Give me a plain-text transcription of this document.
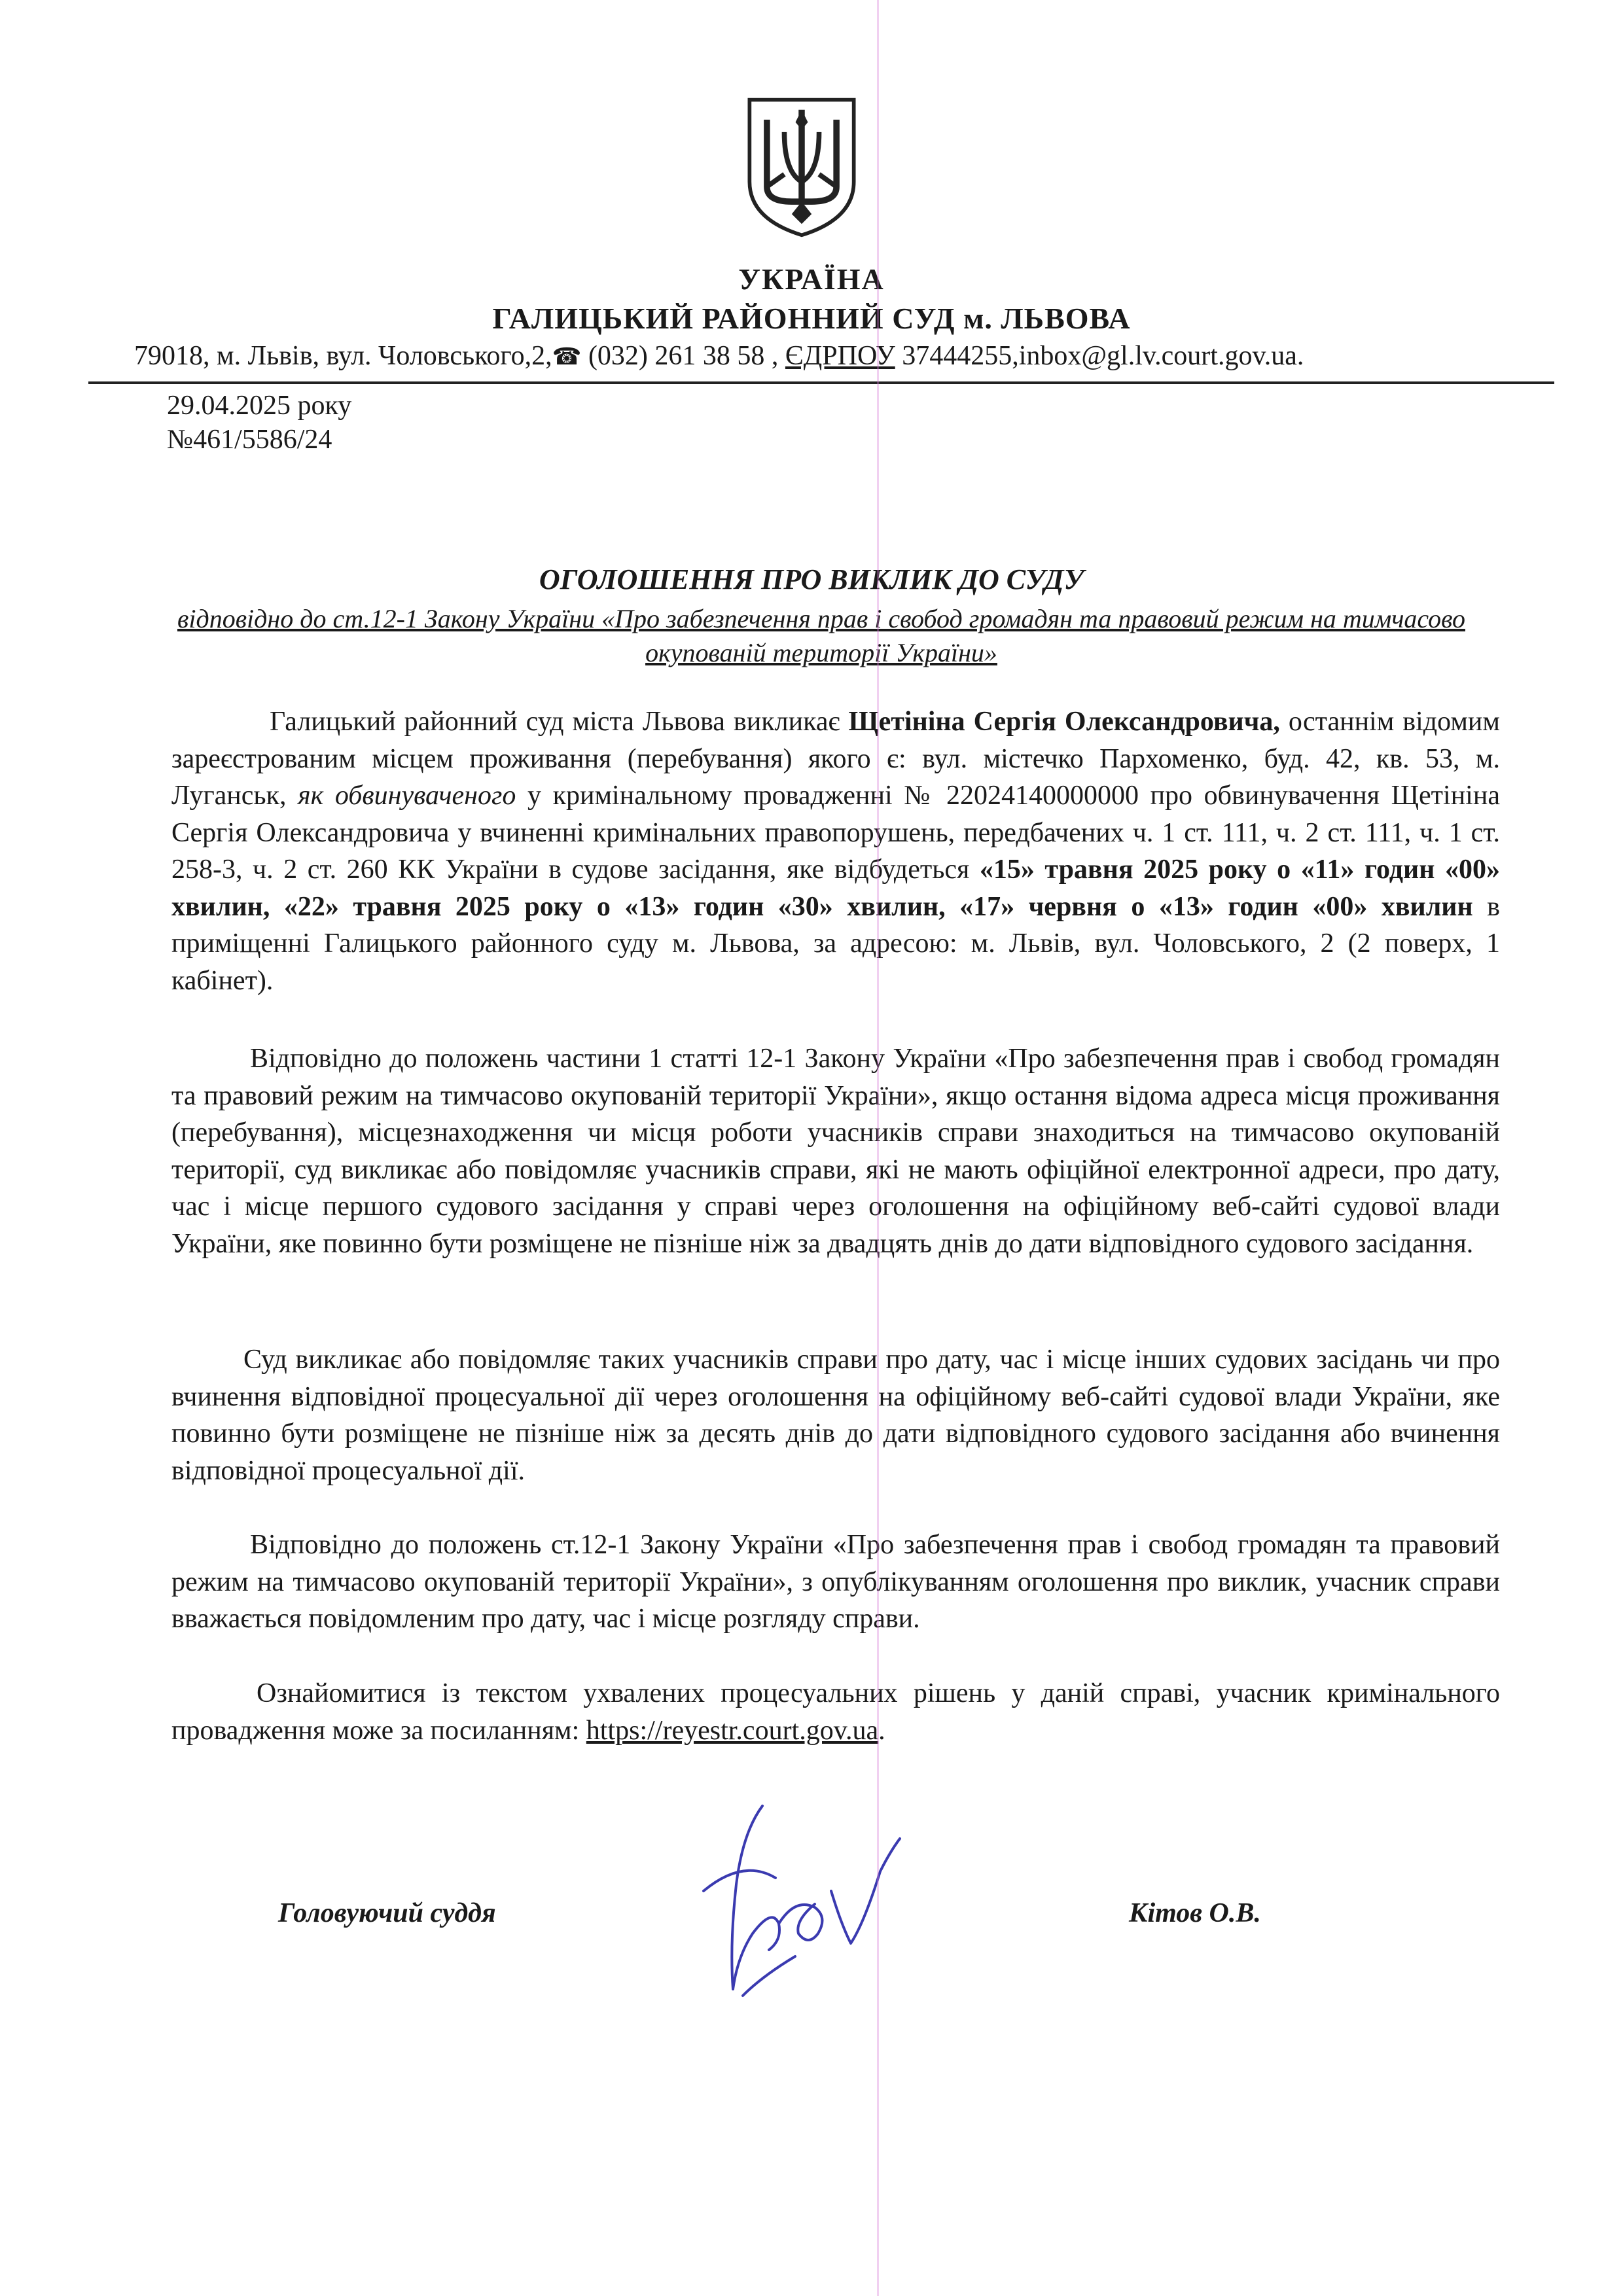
УКРАЇНА
ГАЛИЦЬКИЙ РАЙОННИЙ СУД м. ЛЬВОВА
79018, м. Львів, вул. Чоловського,2,☎ (032) 261 38 58 , ЄДРПОУ 37444255,inbox@gl.lv.court.gov.ua.
29.04.2025 року
№461/5586/24
ОГОЛОШЕННЯ ПРО ВИКЛИК ДО СУДУ
відповідно до ст.12-1 Закону України «Про забезпечення прав і свобод громадян та правовий режим на тимчасово окупованій території України»

Галицький районний суд міста Львова викликає Щетініна Сергія Олександровича, останнім відомим зареєстрованим місцем проживання (перебування) якого є: вул. містечко Пархоменко, буд. 42, кв. 53, м. Луганськ, як обвинуваченого у кримінальному провадженні № 22024140000000 про обвинувачення Щетініна Сергія Олександровича у вчиненні кримінальних правопорушень, передбачених ч. 1 ст. 111, ч. 2 ст. 111, ч. 1 ст. 258-3, ч. 2 ст. 260 КК України в судове засідання, яке відбудеться «15» травня 2025 року о «11» годин «00» хвилин, «22» травня 2025 року о «13» годин «30» хвилин, «17» червня о «13» годин «00» хвилин в приміщенні Галицького районного суду м. Львова, за адресою: м. Львів, вул. Чоловського, 2 (2 поверх, 1 кабінет).

Відповідно до положень частини 1 статті 12-1 Закону України «Про забезпечення прав і свобод громадян та правовий режим на тимчасово окупованій території України», якщо остання відома адреса місця проживання (перебування), місцезнаходження чи місця роботи учасників справи знаходиться на тимчасово окупованій території, суд викликає або повідомляє учасників справи, які не мають офіційної електронної адреси, про дату, час і місце першого судового засідання у справі через оголошення на офіційному веб-сайті судової влади України, яке повинно бути розміщене не пізніше ніж за двадцять днів до дати відповідного судового засідання.

Суд викликає або повідомляє таких учасників справи про дату, час і місце інших судових засідань чи про вчинення відповідної процесуальної дії через оголошення на офіційному веб-сайті судової влади України, яке повинно бути розміщене не пізніше ніж за десять днів до дати відповідного судового засідання або вчинення відповідної процесуальної дії.

Відповідно до положень ст.12-1 Закону України «Про забезпечення прав і свобод громадян та правовий режим на тимчасово окупованій території України», з опублікуванням оголошення про виклик, учасник справи вважається повідомленим про дату, час і місце розгляду справи.

Ознайомитися із текстом ухвалених процесуальних рішень у даній справі, учасник кримінального провадження може за посиланням: https://reyestr.court.gov.ua.

Головуючий суддя	Кітов О.В.
